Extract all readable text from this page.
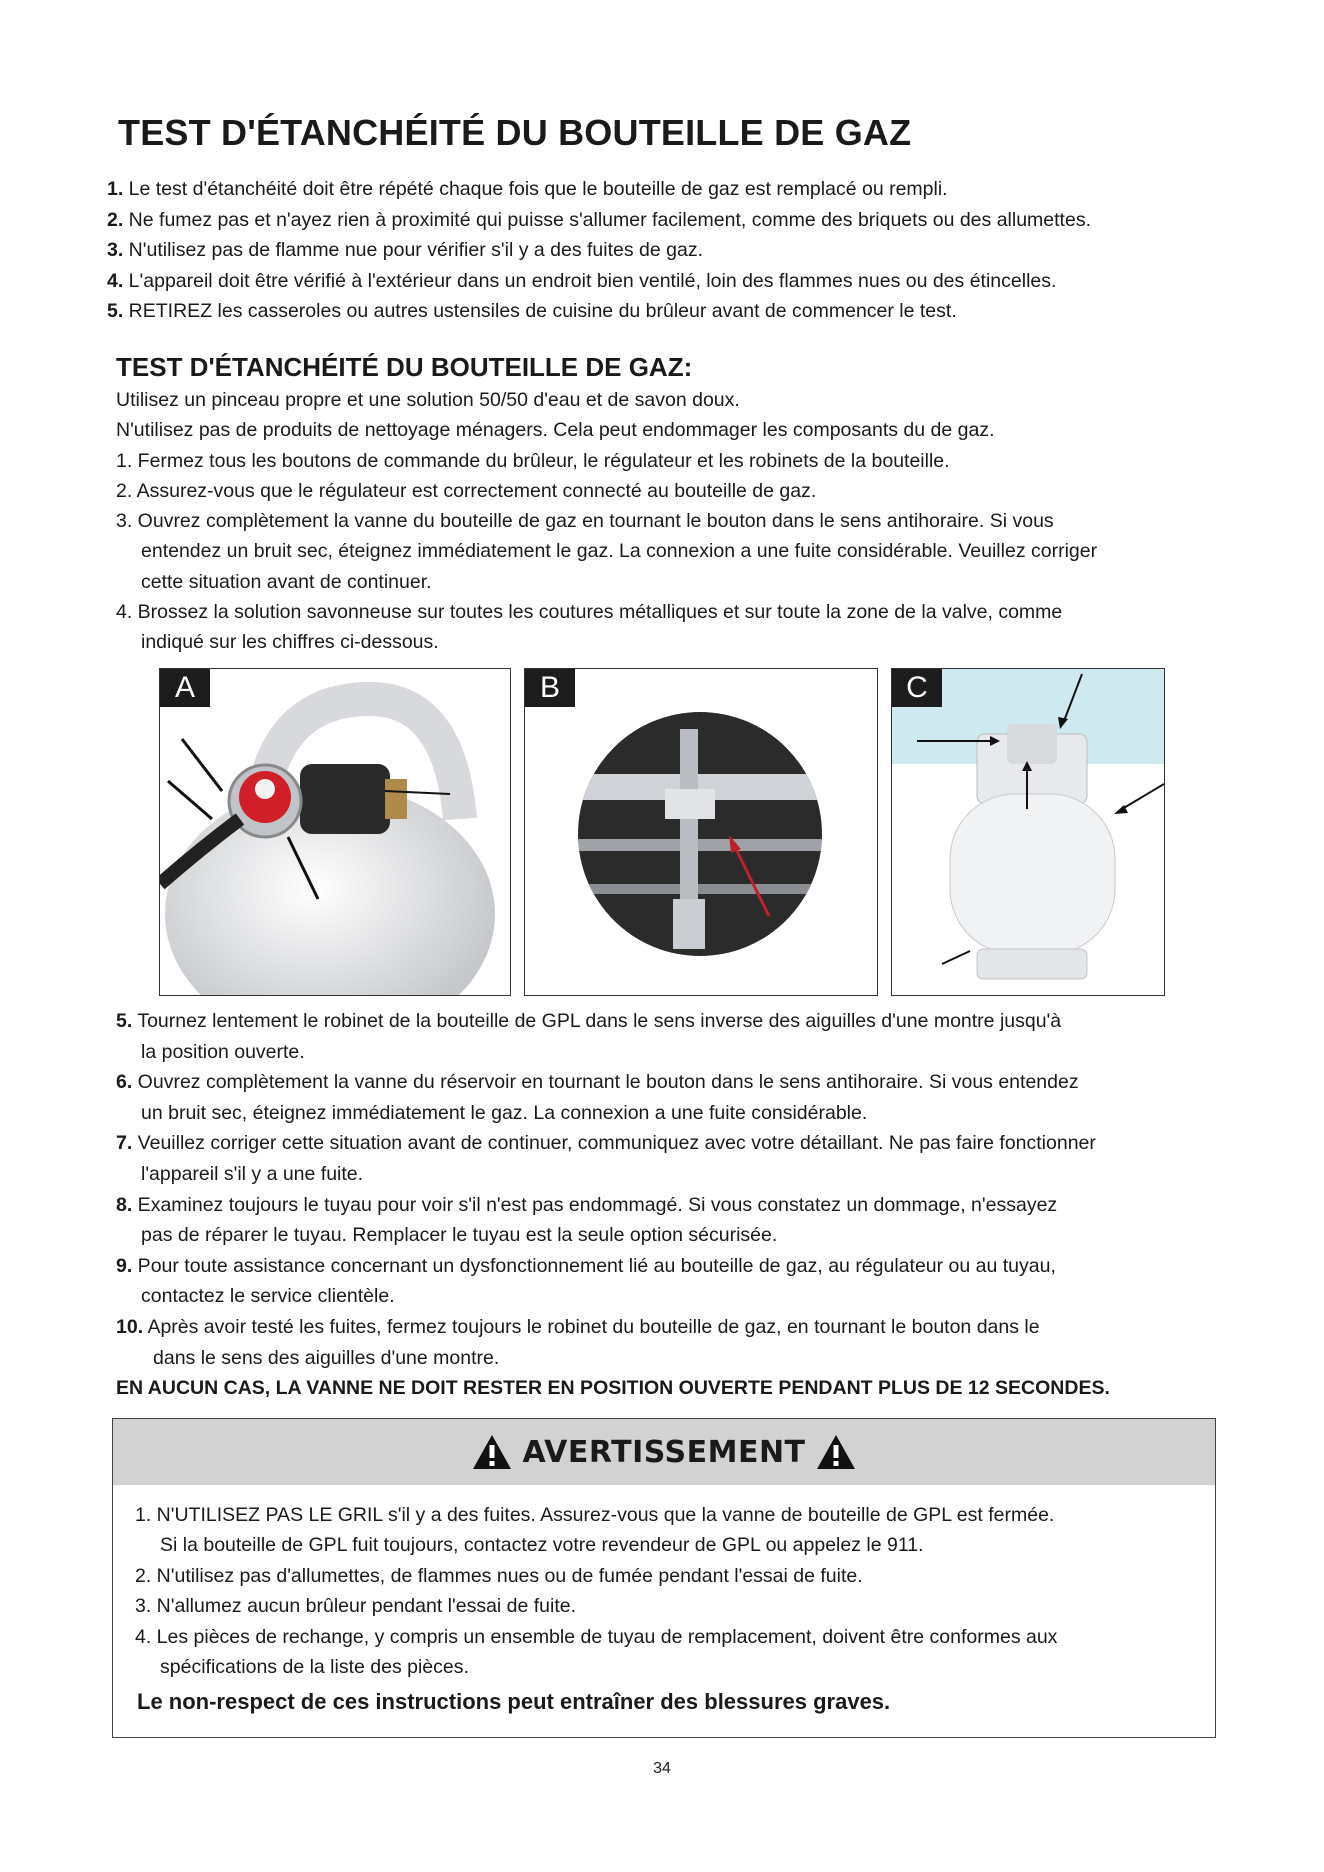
TEST D'ÉTANCHÉITÉ DU BOUTEILLE DE GAZ
1. Le test d'étanchéité doit être répété chaque fois que le bouteille de gaz est remplacé ou rempli.
2. Ne fumez pas et n'ayez rien à proximité qui puisse s'allumer facilement, comme des briquets ou des allumettes.
3. N'utilisez pas de flamme nue pour vérifier s'il y a des fuites de gaz.
4. L'appareil doit être vérifié à l'extérieur dans un endroit bien ventilé, loin des flammes nues ou des étincelles.
5. RETIREZ les casseroles ou autres ustensiles de cuisine du brûleur avant de commencer le test.
TEST D'ÉTANCHÉITÉ DU BOUTEILLE DE GAZ:
Utilisez un pinceau propre et une solution 50/50 d'eau et de savon doux.
N'utilisez pas de produits de nettoyage ménagers. Cela peut endommager les composants du de gaz.
1. Fermez tous les boutons de commande du brûleur, le régulateur et les robinets de la bouteille.
2. Assurez-vous que le régulateur est correctement connecté au bouteille de gaz.
3. Ouvrez complètement la vanne du bouteille de gaz en tournant le bouton dans le sens antihoraire. Si vous
entendez un bruit sec, éteignez immédiatement le gaz. La connexion a une fuite considérable. Veuillez corriger
cette situation avant de continuer.
4. Brossez la solution savonneuse sur toutes les coutures métalliques et sur toute la zone de la valve, comme
indiqué sur les chiffres ci-dessous.
A	B	C
5. Tournez lentement le robinet de la bouteille de GPL dans le sens inverse des aiguilles d'une montre jusqu'à
la position ouverte.
6. Ouvrez complètement la vanne du réservoir en tournant le bouton dans le sens antihoraire. Si vous entendez
un bruit sec, éteignez immédiatement le gaz. La connexion a une fuite considérable.
7. Veuillez corriger cette situation avant de continuer, communiquez avec votre détaillant. Ne pas faire fonctionner
l'appareil s'il y a une fuite.
8. Examinez toujours le tuyau pour voir s'il n'est pas endommagé. Si vous constatez un dommage, n'essayez
pas de réparer le tuyau. Remplacer le tuyau est la seule option sécurisée.
9. Pour toute assistance concernant un dysfonctionnement lié au bouteille de gaz, au régulateur ou au tuyau,
contactez le service clientèle.
10. Après avoir testé les fuites, fermez toujours le robinet du bouteille de gaz, en tournant le bouton dans le
dans le sens des aiguilles d'une montre.
EN AUCUN CAS, LA VANNE NE DOIT RESTER EN POSITION OUVERTE PENDANT PLUS DE 12 SECONDES.
AVERTISSEMENT
1. N'UTILISEZ PAS LE GRIL s'il y a des fuites. Assurez-vous que la vanne de bouteille de GPL est fermée.
Si la bouteille de GPL fuit toujours, contactez votre revendeur de GPL ou appelez le 911.
2. N'utilisez pas d'allumettes, de flammes nues ou de fumée pendant l'essai de fuite.
3. N'allumez aucun brûleur pendant l'essai de fuite.
4. Les pièces de rechange, y compris un ensemble de tuyau de remplacement, doivent être conformes aux
spécifications de la liste des pièces.
Le non-respect de ces instructions peut entraîner des blessures graves.
34
